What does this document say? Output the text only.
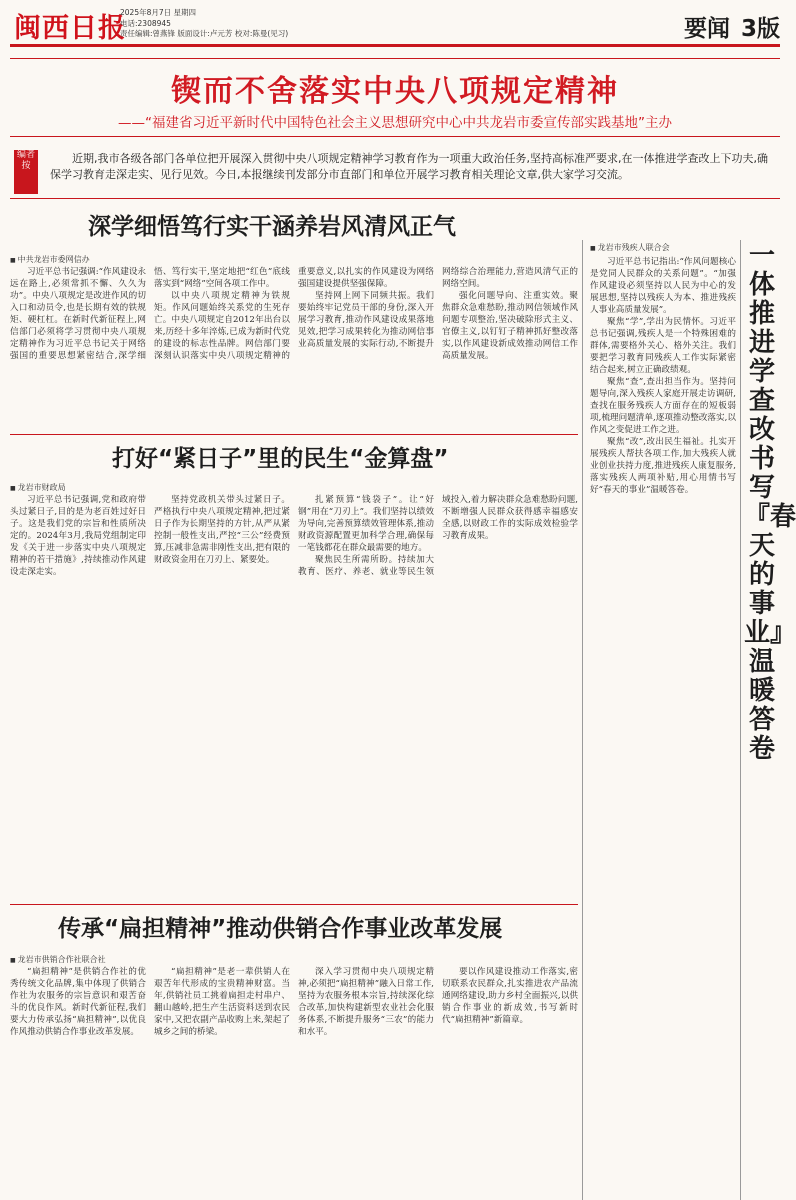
闽西日报
2025年8月7日 星期四
电话:2308945
责任编辑:曾燕锋 版面设计:卢元芳 校对:陈曼(见习)	要闻 3版
锲而不舍落实中央八项规定精神
——“福建省习近平新时代中国特色社会主义思想研究中心中共龙岩市委宣传部实践基地”主办
编者按
近期,我市各级各部门各单位把开展深入贯彻中央八项规定精神学习教育作为一项重大政治任务,坚持高标准严要求,在一体推进学查改上下功夫,确保学习教育走深走实、见行见效。今日,本报继续刊发部分市直部门和单位开展学习教育相关理论文章,供大家学习交流。
深学细悟笃行实干涵养岩风清风正气
■ 中共龙岩市委网信办

习近平总书记强调:“作风建设永远在路上,必须常抓不懈、久久为功”。中央八项规定是改进作风的切入口和动员令,也是长期有效的铁规矩、硬杠杠。在新时代新征程上,网信部门必须将学习贯彻中央八项规定精神作为习近平总书记关于网络强国的重要思想紧密结合,深学细悟、笃行实干,坚定地把“红色”底线落实到“网络”空间各项工作中。

以中央八项规定精神为铁规矩。作风问题始终关系党的生死存亡。中央八项规定自2012年出台以来,历经十多年淬炼,已成为新时代党的建设的标志性品牌。网信部门要深刻认识落实中央八项规定精神的重要意义,以扎实的作风建设为网络强国建设提供坚强保障。

坚持网上网下同频共振。我们要始终牢记党员干部的身份,深入开展学习教育,推动作风建设成果落地见效,把学习成果转化为推动网信事业高质量发展的实际行动,不断提升网络综合治理能力,营造风清气正的网络空间。

强化问题导向、注重实效。聚焦群众急难愁盼,推动网信领域作风问题专项整治,坚决破除形式主义、官僚主义,以钉钉子精神抓好整改落实,以作风建设新成效推动网信工作高质量发展。

打好“紧日子”里的民生“金算盘”
■ 龙岩市财政局

习近平总书记强调,党和政府带头过紧日子,目的是为老百姓过好日子。这是我们党的宗旨和性质所决定的。2024年3月,我局党组制定印发《关于进一步落实中央八项规定精神的若干措施》,持续推动作风建设走深走实。

坚持党政机关带头过紧日子。严格执行中央八项规定精神,把过紧日子作为长期坚持的方针,从严从紧控制一般性支出,严控“三公”经费预算,压减非急需非刚性支出,把有限的财政资金用在刀刃上、紧要处。

扎紧预算“钱袋子”。让“好钢”用在“刀刃上”。我们坚持以绩效为导向,完善预算绩效管理体系,推动财政资源配置更加科学合理,确保每一笔钱都花在群众最需要的地方。

聚焦民生所需所盼。持续加大教育、医疗、养老、就业等民生领域投入,着力解决群众急难愁盼问题,不断增强人民群众获得感幸福感安全感,以财政工作的实际成效检验学习教育成果。

传承“扁担精神”推动供销合作事业改革发展
■ 龙岩市供销合作社联合社

“扁担精神”是供销合作社的优秀传统文化品牌,集中体现了供销合作社为农服务的宗旨意识和艰苦奋斗的优良作风。新时代新征程,我们要大力传承弘扬“扁担精神”,以优良作风推动供销合作事业改革发展。

“扁担精神”是老一辈供销人在艰苦年代形成的宝贵精神财富。当年,供销社员工挑着扁担走村串户、翻山越岭,把生产生活资料送到农民家中,又把农副产品收购上来,架起了城乡之间的桥梁。

深入学习贯彻中央八项规定精神,必须把“扁担精神”融入日常工作,坚持为农服务根本宗旨,持续深化综合改革,加快构建新型农业社会化服务体系,不断提升服务“三农”的能力和水平。

要以作风建设推动工作落实,密切联系农民群众,扎实推进农产品流通网络建设,助力乡村全面振兴,以供销合作事业的新成效,书写新时代“扁担精神”新篇章。

■ 龙岩市残疾人联合会

习近平总书记指出:“作风问题核心是党同人民群众的关系问题”。“加强作风建设必须坚持以人民为中心的发展思想,坚持以残疾人为本、推进残疾人事业高质量发展”。

聚焦“学”,学出为民情怀。习近平总书记强调,残疾人是一个特殊困难的群体,需要格外关心、格外关注。我们要把学习教育同残疾人工作实际紧密结合起来,树立正确政绩观。

聚焦“查”,查出担当作为。坚持问题导向,深入残疾人家庭开展走访调研,查找在服务残疾人方面存在的短板弱项,梳理问题清单,逐项推动整改落实,以作风之变促进工作之进。

聚焦“改”,改出民生福祉。扎实开展残疾人帮扶各项工作,加大残疾人就业创业扶持力度,推进残疾人康复服务,落实残疾人两项补贴,用心用情书写好“春天的事业”温暖答卷。

一体推进学查改 书写『春天的事业』温暖答卷
